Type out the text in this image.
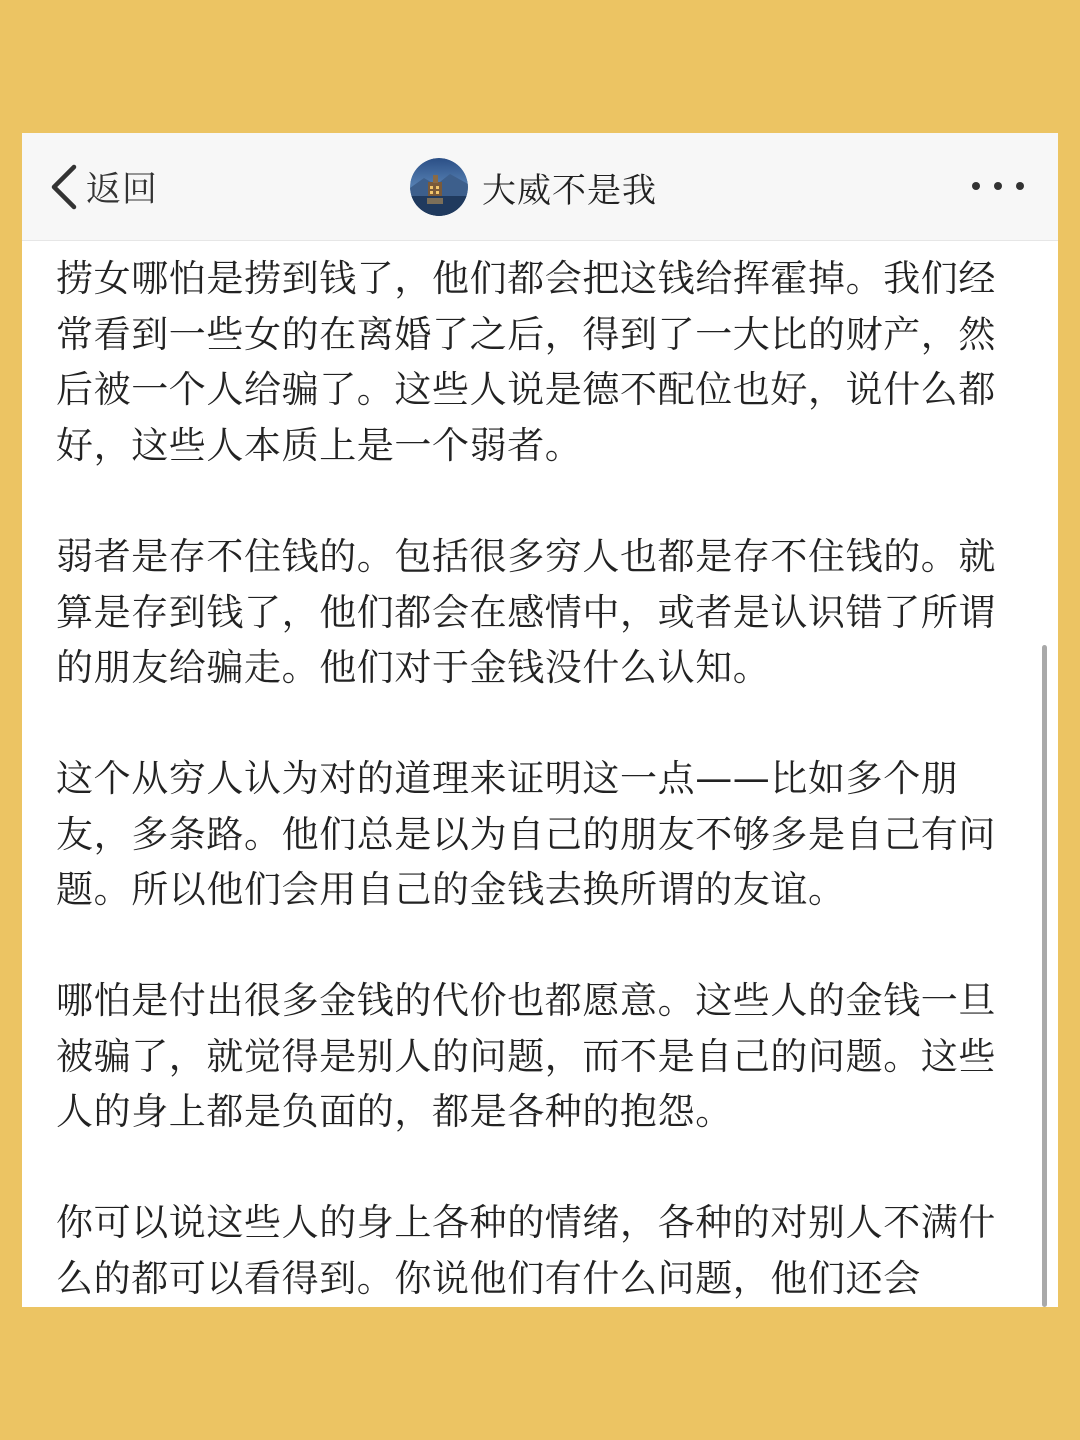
返回	大威不是我

捞女哪怕是捞到钱了，他们都会把这钱给挥霍掉。我们经常看到一些女的在离婚了之后，得到了一大比的财产，然后被一个人给骗了。这些人说是德不配位也好，说什么都好，这些人本质上是一个弱者。

弱者是存不住钱的。包括很多穷人也都是存不住钱的。就算是存到钱了，他们都会在感情中，或者是认识错了所谓的朋友给骗走。他们对于金钱没什么认知。

这个从穷人认为对的道理来证明这一点——比如多个朋友，多条路。他们总是以为自己的朋友不够多是自己有问题。所以他们会用自己的金钱去换所谓的友谊。

哪怕是付出很多金钱的代价也都愿意。这些人的金钱一旦被骗了，就觉得是别人的问题，而不是自己的问题。这些人的身上都是负面的，都是各种的抱怨。

你可以说这些人的身上各种的情绪，各种的对别人不满什么的都可以看得到。你说他们有什么问题，他们还会
